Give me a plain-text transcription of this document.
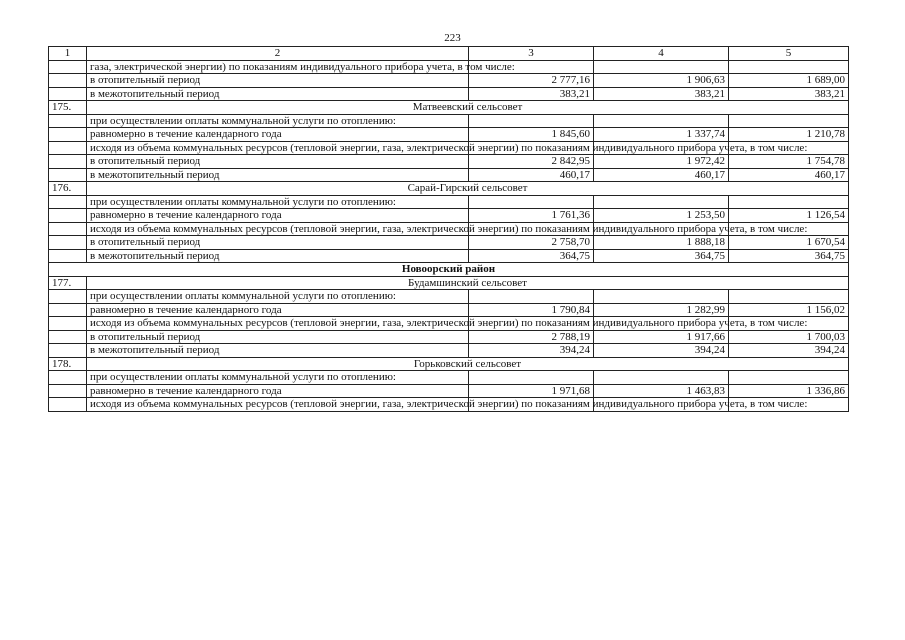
223
1	2	3	4	5
	газа, электрической энергии) по показаниям индивидуального прибора учета, в том числе:			
	в отопительный период	2 777,16	1 906,63	1 689,00
	в межотопительный период	383,21	383,21	383,21
175.	Матвеевский сельсовет			
	при осуществлении оплаты коммунальной услуги по отоплению:			
	равномерно в течение календарного года	1 845,60	1 337,74	1 210,78
	исходя из объема коммунальных ресурсов (тепловой энергии, газа, электрической энергии) по показаниям индивидуального прибора учета, в том числе:			
	в отопительный период	2 842,95	1 972,42	1 754,78
	в межотопительный период	460,17	460,17	460,17
176.	Сарай-Гирский сельсовет			
	при осуществлении оплаты коммунальной услуги по отоплению:			
	равномерно в течение календарного года	1 761,36	1 253,50	1 126,54
	исходя из объема коммунальных ресурсов (тепловой энергии, газа, электрической энергии) по показаниям индивидуального прибора учета, в том числе:			
	в отопительный период	2 758,70	1 888,18	1 670,54
	в межотопительный период	364,75	364,75	364,75
Новоорский район				
177.	Будамшинский сельсовет			
	при осуществлении оплаты коммунальной услуги по отоплению:			
	равномерно в течение календарного года	1 790,84	1 282,99	1 156,02
	исходя из объема коммунальных ресурсов (тепловой энергии, газа, электрической энергии) по показаниям индивидуального прибора учета, в том числе:			
	в отопительный период	2 788,19	1 917,66	1 700,03
	в межотопительный период	394,24	394,24	394,24
178.	Горьковский сельсовет			
	при осуществлении оплаты коммунальной услуги по отоплению:			
	равномерно в течение календарного года	1 971,68	1 463,83	1 336,86
	исходя из объема коммунальных ресурсов (тепловой энергии, газа, электрической энергии) по показаниям индивидуального прибора учета, в том числе:			
